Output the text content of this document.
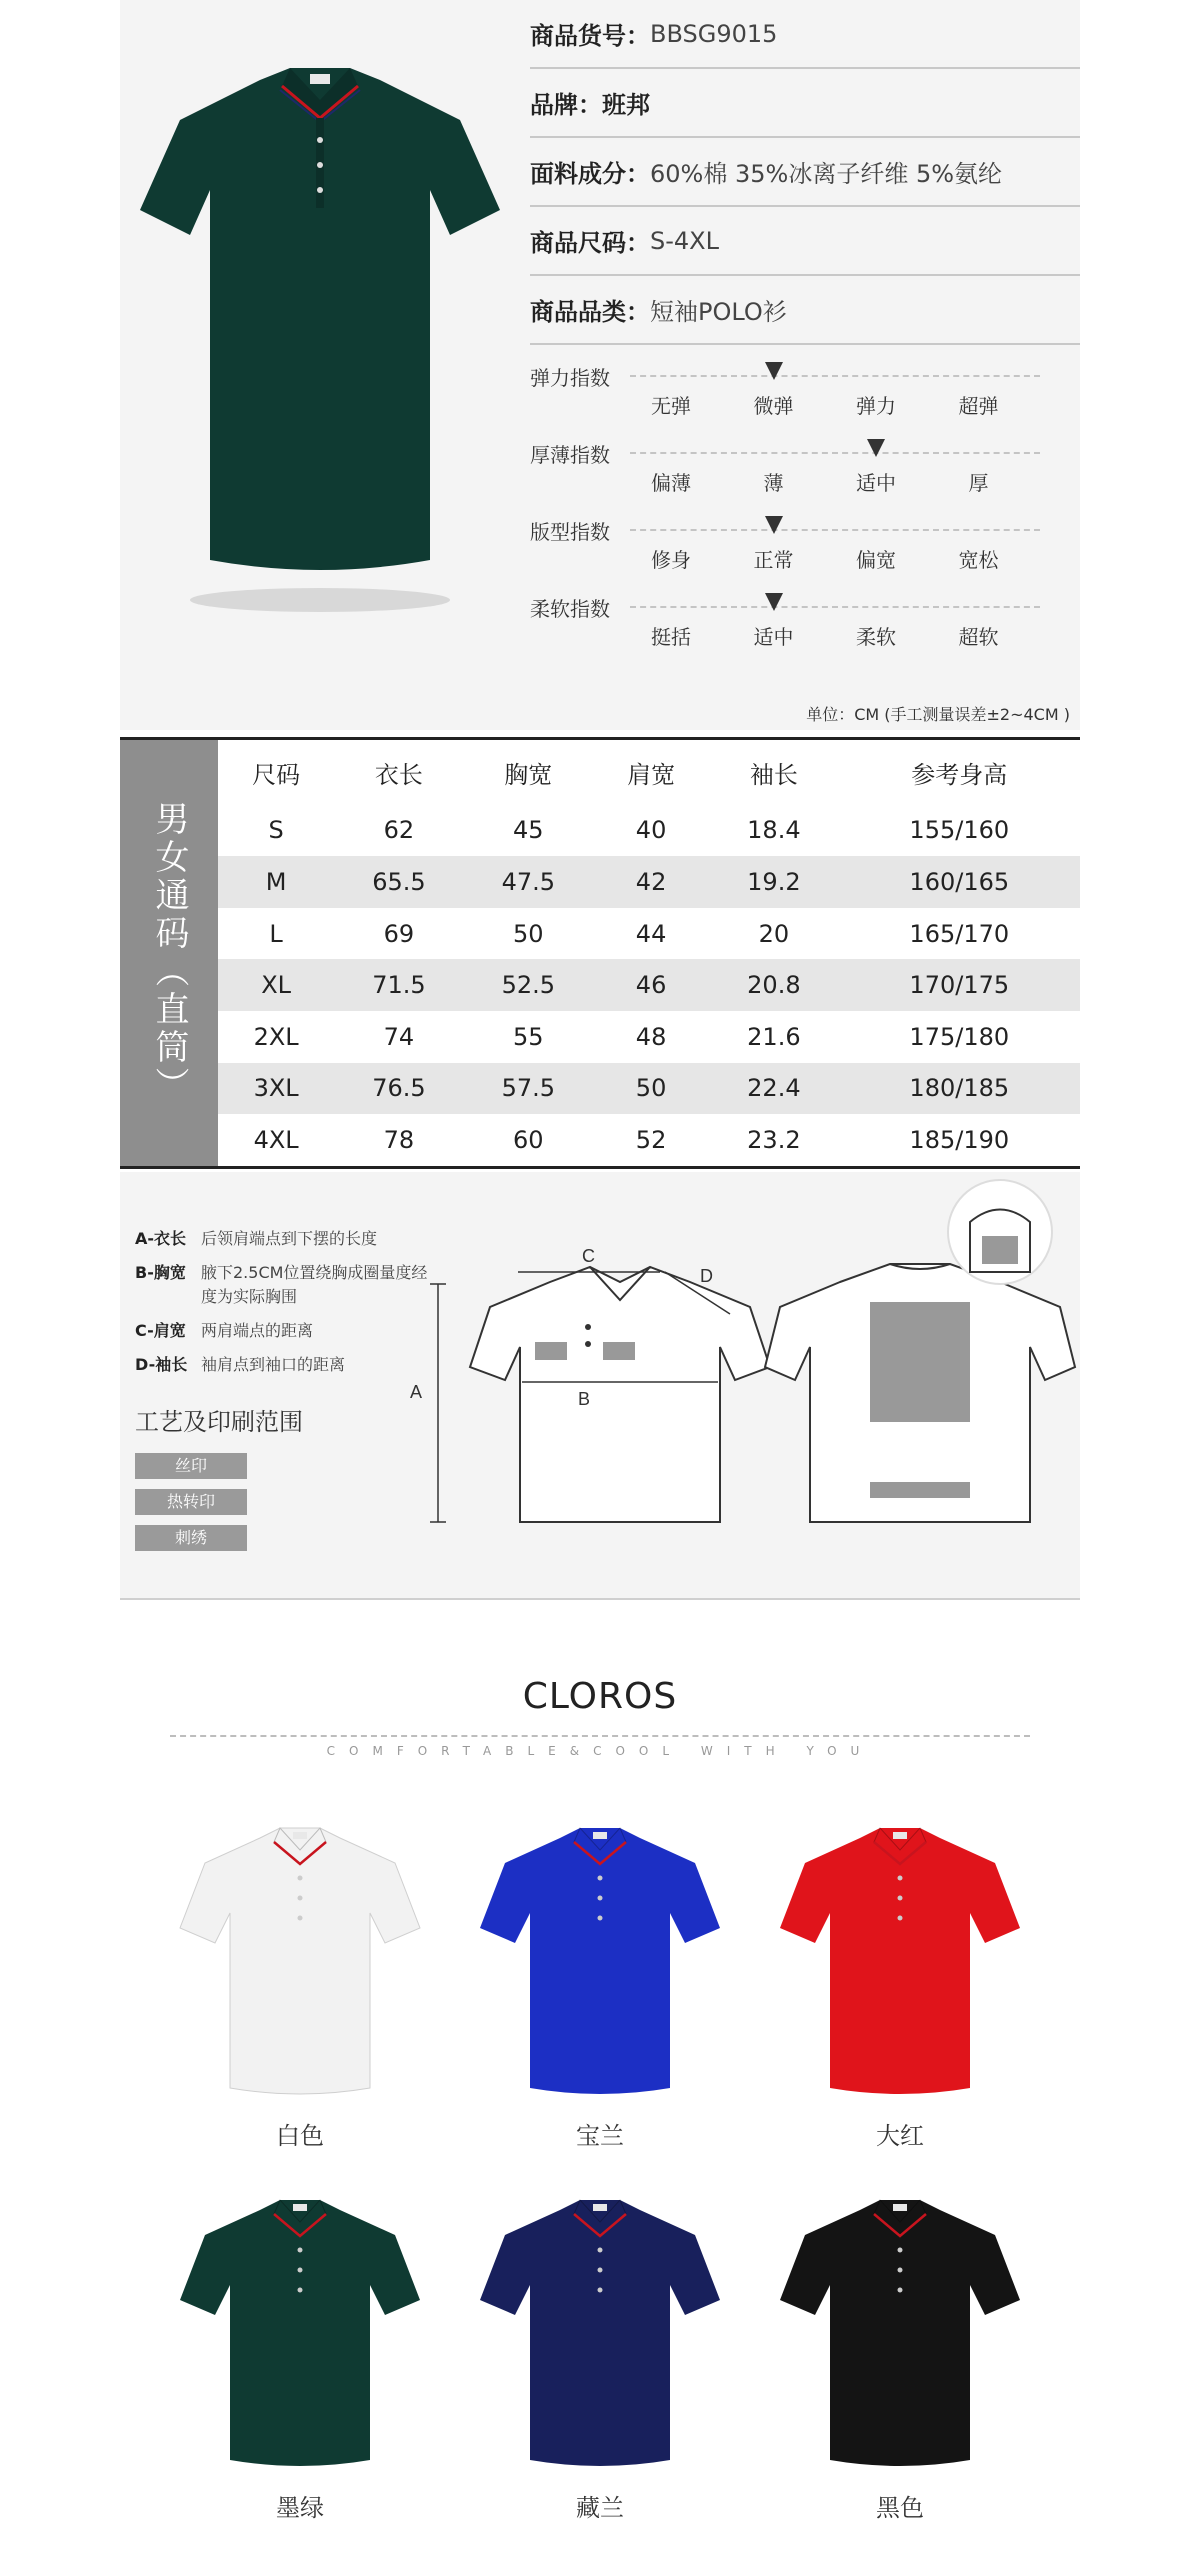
商品货号： BBSG9015
品牌：班邦
面料成分： 60%棉 35%冰离子纤维 5%氨纶
商品尺码： S-4XL
商品品类： 短袖POLO衫
弹力指数
无弹	微弹	弹力	超弹
厚薄指数
偏薄	薄	适中	厚
版型指数
修身	正常	偏宽	宽松
柔软指数
挺括	适中	柔软	超软
单位：CM (手工测量误差±2~4CM )
男女通码（直筒）
尺码	衣长	胸宽	肩宽	袖长	参考身高
S	62	45	40	18.4	155/160
M	65.5	47.5	42	19.2	160/165
L	69	50	44	20	165/170
XL	71.5	52.5	46	20.8	170/175
2XL	74	55	48	21.6	175/180
3XL	76.5	57.5	50	22.4	180/185
4XL	78	60	52	23.2	185/190
A-衣长 后领肩端点到下摆的长度
B-胸宽 腋下2.5CM位置绕胸成圈量度经度为实际胸围
C-肩宽 两肩端点的距离
D-袖长 袖肩点到袖口的距离
工艺及印刷范围
丝印
热转印
刺绣
C
D
B
A
CLOROS
COMFORTABLE&COOL WITH YOU
白色	宝兰	大红
墨绿	藏兰	黑色
